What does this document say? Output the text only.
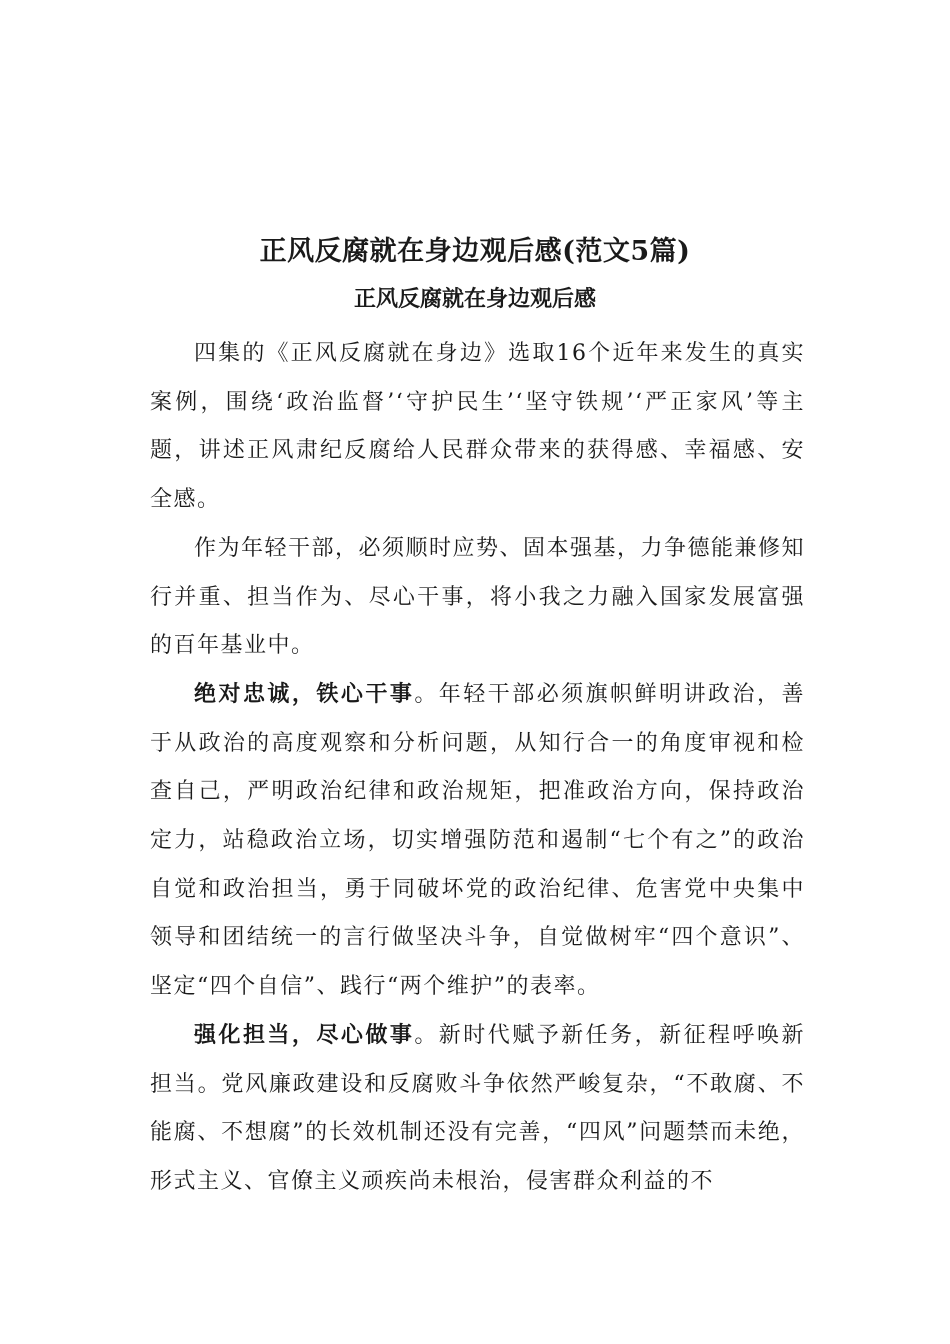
正风反腐就在身边观后感(范文5篇)
正风反腐就在身边观后感

四集的《正风反腐就在身边》选取16个近年来发生的真实案例，围绕‘政治监督’‘守护民生’‘坚守铁规’‘严正家风’等主题，讲述正风肃纪反腐给人民群众带来的获得感、幸福感、安全感。

作为年轻干部，必须顺时应势、固本强基，力争德能兼修知行并重、担当作为、尽心干事，将小我之力融入国家发展富强的百年基业中。

绝对忠诚，铁心干事。年轻干部必须旗帜鲜明讲政治，善于从政治的高度观察和分析问题，从知行合一的角度审视和检查自己，严明政治纪律和政治规矩，把准政治方向，保持政治定力，站稳政治立场，切实增强防范和遏制“七个有之”的政治自觉和政治担当，勇于同破坏党的政治纪律、危害党中央集中领导和团结统一的言行做坚决斗争，自觉做树牢“四个意识”、坚定“四个自信”、践行“两个维护”的表率。

强化担当，尽心做事。新时代赋予新任务，新征程呼唤新担当。党风廉政建设和反腐败斗争依然严峻复杂，“不敢腐、不能腐、不想腐”的长效机制还没有完善，“四风”问题禁而未绝，形式主义、官僚主义顽疾尚未根治，侵害群众利益的不
